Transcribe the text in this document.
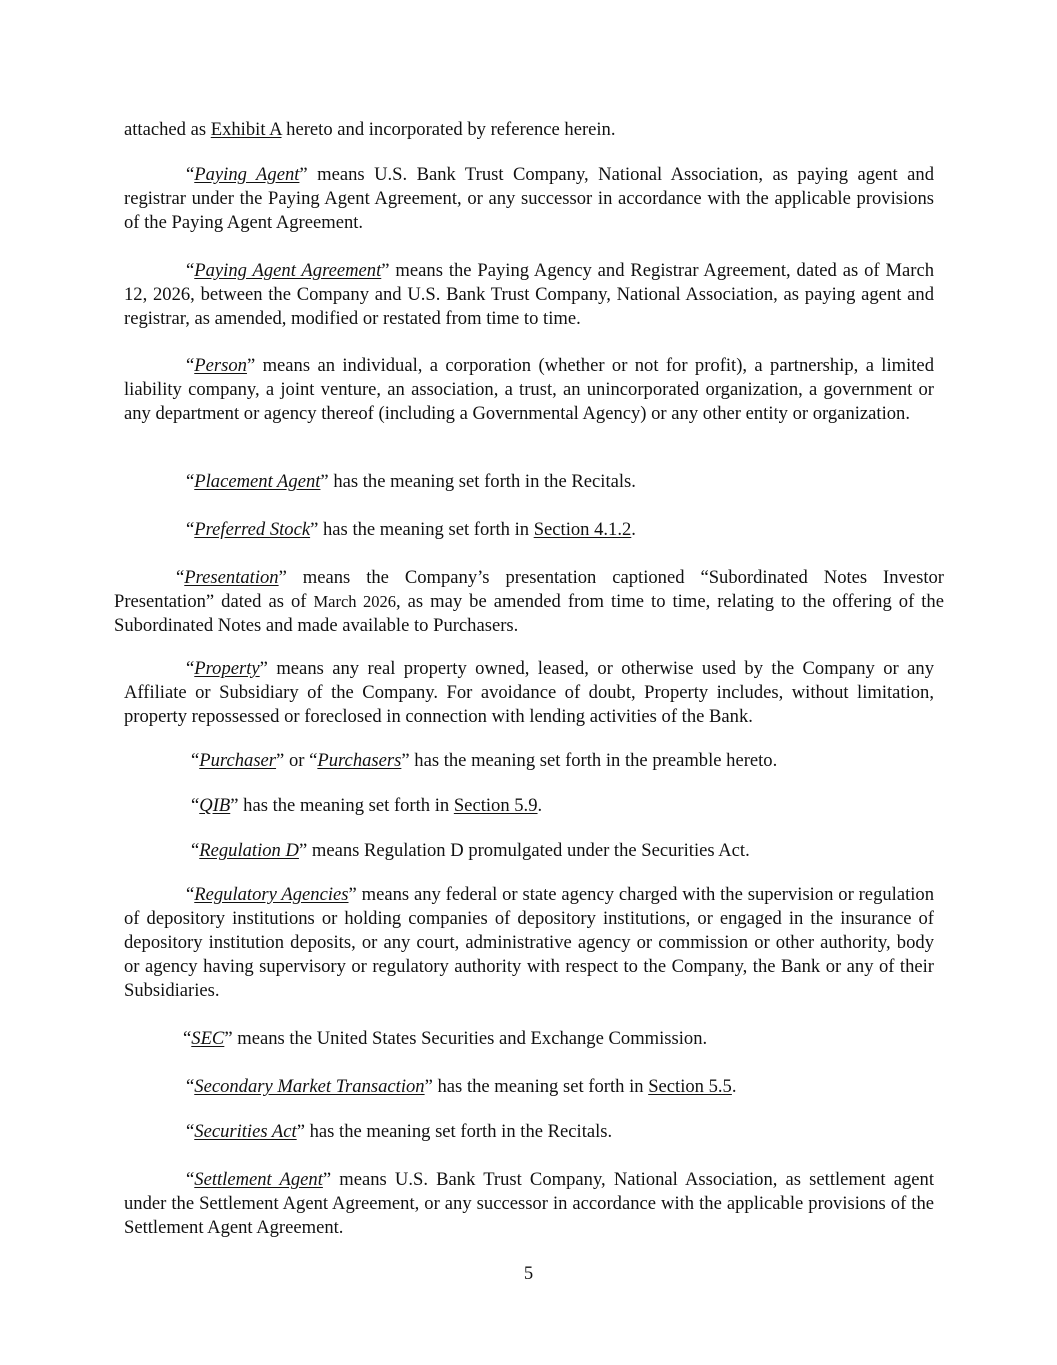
attached as Exhibit A hereto and incorporated by reference herein.

“Paying Agent” means U.S. Bank Trust Company, National Association, as paying agent and registrar under the Paying Agent Agreement, or any successor in accordance with the applicable provisions of the Paying Agent Agreement.

“Paying Agent Agreement” means the Paying Agency and Registrar Agreement, dated as of March 12, 2026, between the Company and U.S. Bank Trust Company, National Association, as paying agent and registrar, as amended, modified or restated from time to time.

“Person” means an individual, a corporation (whether or not for profit), a partnership, a limited liability company, a joint venture, an association, a trust, an unincorporated organization, a government or any department or agency thereof (including a Governmental Agency) or any other entity or organization.

“Placement Agent” has the meaning set forth in the Recitals.

“Preferred Stock” has the meaning set forth in Section 4.1.2.

“Presentation” means the Company’s presentation captioned “Subordinated Notes Investor Presentation” dated as of March 2026, as may be amended from time to time, relating to the offering of the Subordinated Notes and made available to Purchasers.

“Property” means any real property owned, leased, or otherwise used by the Company or any Affiliate or Subsidiary of the Company. For avoidance of doubt, Property includes, without limitation, property repossessed or foreclosed in connection with lending activities of the Bank.

“Purchaser” or “Purchasers” has the meaning set forth in the preamble hereto.

“QIB” has the meaning set forth in Section 5.9.

“Regulation D” means Regulation D promulgated under the Securities Act.

“Regulatory Agencies” means any federal or state agency charged with the supervision or regulation of depository institutions or holding companies of depository institutions, or engaged in the insurance of depository institution deposits, or any court, administrative agency or commission or other authority, body or agency having supervisory or regulatory authority with respect to the Company, the Bank or any of their Subsidiaries.

“SEC” means the United States Securities and Exchange Commission.

“Secondary Market Transaction” has the meaning set forth in Section 5.5.

“Securities Act” has the meaning set forth in the Recitals.

“Settlement Agent” means U.S. Bank Trust Company, National Association, as settlement agent under the Settlement Agent Agreement, or any successor in accordance with the applicable provisions of the Settlement Agent Agreement.

5
